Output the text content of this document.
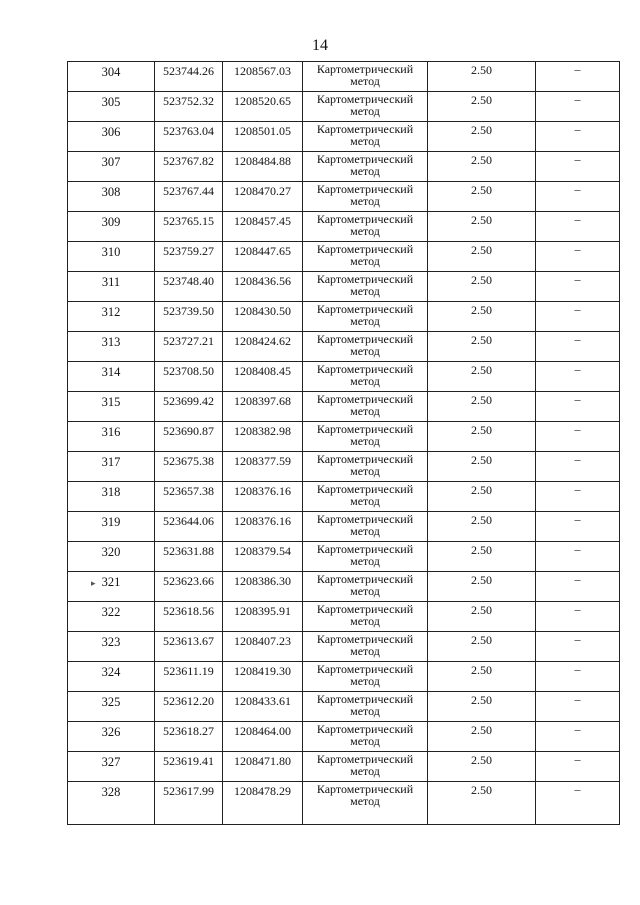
14
304	523744.26	1208567.03	Картометрический
метод	2.50	–
305	523752.32	1208520.65	Картометрический
метод	2.50	–
306	523763.04	1208501.05	Картометрический
метод	2.50	–
307	523767.82	1208484.88	Картометрический
метод	2.50	–
308	523767.44	1208470.27	Картометрический
метод	2.50	–
309	523765.15	1208457.45	Картометрический
метод	2.50	–
310	523759.27	1208447.65	Картометрический
метод	2.50	–
311	523748.40	1208436.56	Картометрический
метод	2.50	–
312	523739.50	1208430.50	Картометрический
метод	2.50	–
313	523727.21	1208424.62	Картометрический
метод	2.50	–
314	523708.50	1208408.45	Картометрический
метод	2.50	–
315	523699.42	1208397.68	Картометрический
метод	2.50	–
316	523690.87	1208382.98	Картометрический
метод	2.50	–
317	523675.38	1208377.59	Картометрический
метод	2.50	–
318	523657.38	1208376.16	Картометрический
метод	2.50	–
319	523644.06	1208376.16	Картометрический
метод	2.50	–
320	523631.88	1208379.54	Картометрический
метод	2.50	–
321	523623.66	1208386.30	Картометрический
метод	2.50	–
322	523618.56	1208395.91	Картометрический
метод	2.50	–
323	523613.67	1208407.23	Картометрический
метод	2.50	–
324	523611.19	1208419.30	Картометрический
метод	2.50	–
325	523612.20	1208433.61	Картометрический
метод	2.50	–
326	523618.27	1208464.00	Картометрический
метод	2.50	–
327	523619.41	1208471.80	Картометрический
метод	2.50	–
328	523617.99	1208478.29	Картометрический
метод	2.50	–
▸
